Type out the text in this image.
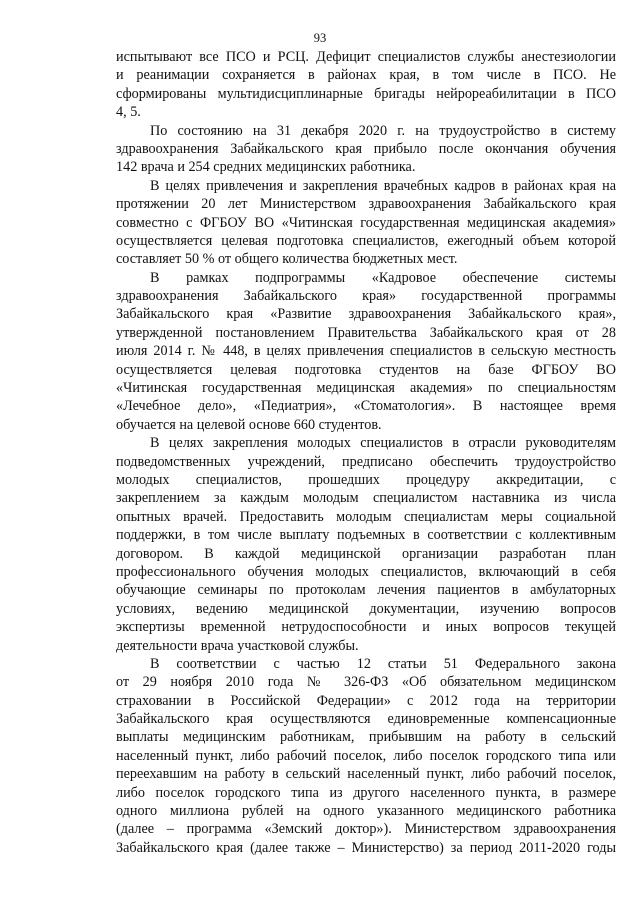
93
испытывают все ПСО и РСЦ. Дефицит специалистов службы анестезиологии
и реанимации сохраняется в районах края, в том числе в ПСО. Не
сформированы мультидисциплинарные бригады нейрореабилитации в ПСО
4, 5.
По состоянию на 31 декабря 2020 г. на трудоустройство в систему
здравоохранения Забайкальского края прибыло после окончания обучения
142 врача и 254 средних медицинских работника.
В целях привлечения и закрепления врачебных кадров в районах края на
протяжении 20 лет Министерством здравоохранения Забайкальского края
совместно с ФГБОУ ВО «Читинская государственная медицинская академия»
осуществляется целевая подготовка специалистов, ежегодный объем которой
составляет 50 % от общего количества бюджетных мест.
В рамках подпрограммы «Кадровое обеспечение системы
здравоохранения Забайкальского края» государственной программы
Забайкальского края «Развитие здравоохранения Забайкальского края»,
утвержденной постановлением Правительства Забайкальского края от 28
июля 2014 г. № 448, в целях привлечения специалистов в сельскую местность
осуществляется целевая подготовка студентов на базе ФГБОУ ВО
«Читинская государственная медицинская академия» по специальностям
«Лечебное дело», «Педиатрия», «Стоматология». В настоящее время
обучается на целевой основе 660 студентов.
В целях закрепления молодых специалистов в отрасли руководителям
подведомственных учреждений, предписано обеспечить трудоустройство
молодых специалистов, прошедших процедуру аккредитации, с
закреплением за каждым молодым специалистом наставника из числа
опытных врачей. Предоставить молодым специалистам меры социальной
поддержки, в том числе выплату подъемных в соответствии с коллективным
договором. В каждой медицинской организации разработан план
профессионального обучения молодых специалистов, включающий в себя
обучающие семинары по протоколам лечения пациентов в амбулаторных
условиях, ведению медицинской документации, изучению вопросов
экспертизы временной нетрудоспособности и иных вопросов текущей
деятельности врача участковой службы.
В соответствии с частью 12 статьи 51 Федерального закона
от 29 ноября 2010 года № 326-ФЗ «Об обязательном медицинском
страховании в Российской Федерации» с 2012 года на территории
Забайкальского края осуществляются единовременные компенсационные
выплаты медицинским работникам, прибывшим на работу в сельский
населенный пункт, либо рабочий поселок, либо поселок городского типа или
переехавшим на работу в сельский населенный пункт, либо рабочий поселок,
либо поселок городского типа из другого населенного пункта, в размере
одного миллиона рублей на одного указанного медицинского работника
(далее – программа «Земский доктор»). Министерством здравоохранения
Забайкальского края (далее также – Министерство) за период 2011-2020 годы
